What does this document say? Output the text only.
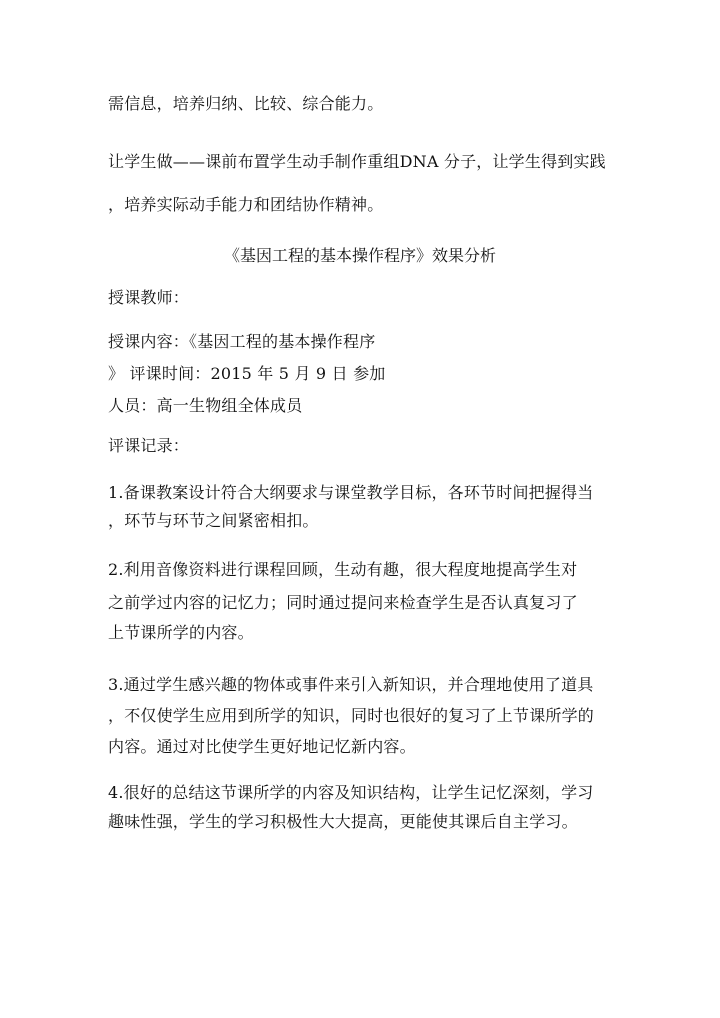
需信息，培养归纳、比较、综合能力。
让学生做——课前布置学生动手制作重组DNA 分子，让学生得到实践
，培养实际动手能力和团结协作精神。
《基因工程的基本操作程序》效果分析
授课教师：
授课内容：《基因工程的基本操作程序
》 评课时间：2015 年 5 月 9 日 参加
人员：高一生物组全体成员
评课记录：
1.备课教案设计符合大纲要求与课堂教学目标，各环节时间把握得当
，环节与环节之间紧密相扣。
2.利用音像资料进行课程回顾，生动有趣，很大程度地提高学生对
之前学过内容的记忆力；同时通过提问来检查学生是否认真复习了
上节课所学的内容。
3.通过学生感兴趣的物体或事件来引入新知识，并合理地使用了道具
，不仅使学生应用到所学的知识，同时也很好的复习了上节课所学的
内容。通过对比使学生更好地记忆新内容。
4.很好的总结这节课所学的内容及知识结构，让学生记忆深刻，学习
趣味性强，学生的学习积极性大大提高，更能使其课后自主学习。
